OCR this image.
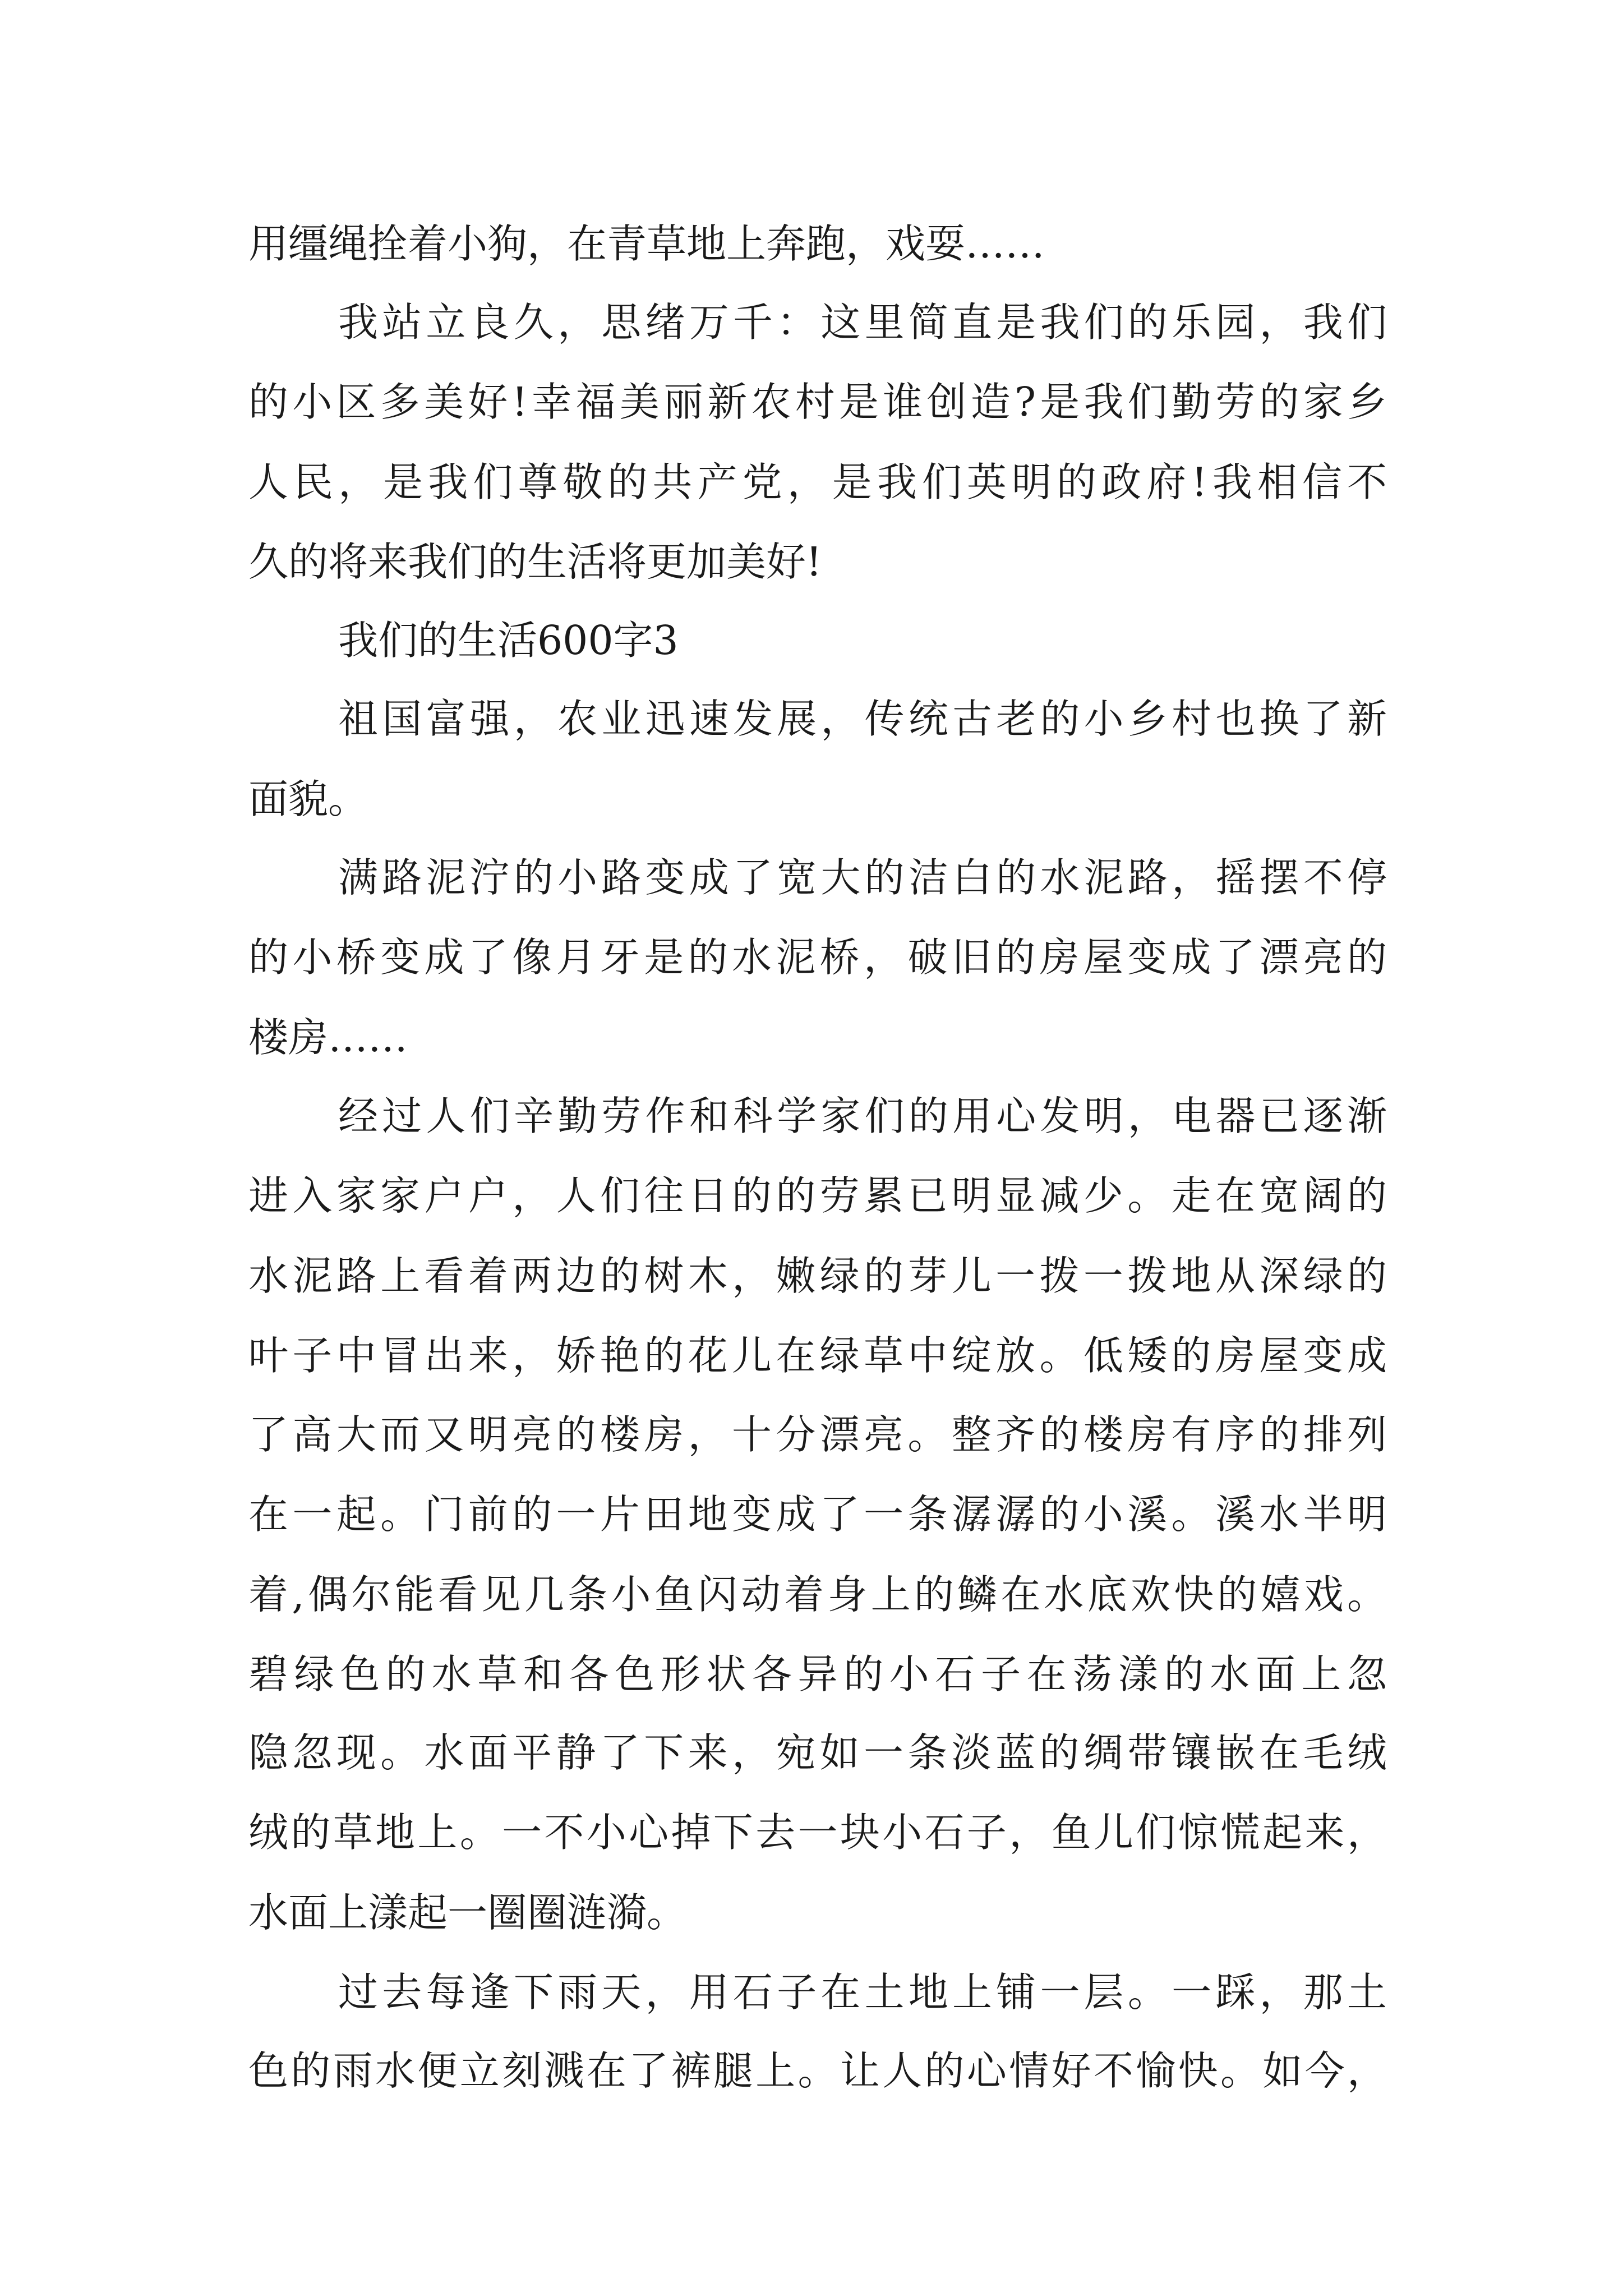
用缰绳拴着小狗，在青草地上奔跑，戏耍……
我站立良久，思绪万千：这里简直是我们的乐园，我们
的小区多美好!幸福美丽新农村是谁创造?是我们勤劳的家乡
人民，是我们尊敬的共产党，是我们英明的政府!我相信不
久的将来我们的生活将更加美好!
我们的生活600字3
祖国富强，农业迅速发展，传统古老的小乡村也换了新
面貌。
满路泥泞的小路变成了宽大的洁白的水泥路，摇摆不停
的小桥变成了像月牙是的水泥桥，破旧的房屋变成了漂亮的
楼房……
经过人们辛勤劳作和科学家们的用心发明，电器已逐渐
进入家家户户，人们往日的的劳累已明显减少。走在宽阔的
水泥路上看着两边的树木，嫩绿的芽儿一拨一拨地从深绿的
叶子中冒出来，娇艳的花儿在绿草中绽放。低矮的房屋变成
了高大而又明亮的楼房，十分漂亮。整齐的楼房有序的排列
在一起。门前的一片田地变成了一条潺潺的小溪。溪水半明
着,偶尔能看见几条小鱼闪动着身上的鳞在水底欢快的嬉戏。
碧绿色的水草和各色形状各异的小石子在荡漾的水面上忽
隐忽现。水面平静了下来，宛如一条淡蓝的绸带镶嵌在毛绒
绒的草地上。一不小心掉下去一块小石子，鱼儿们惊慌起来，
水面上漾起一圈圈涟漪。
过去每逢下雨天，用石子在土地上铺一层。一踩，那土
色的雨水便立刻溅在了裤腿上。让人的心情好不愉快。如今，
